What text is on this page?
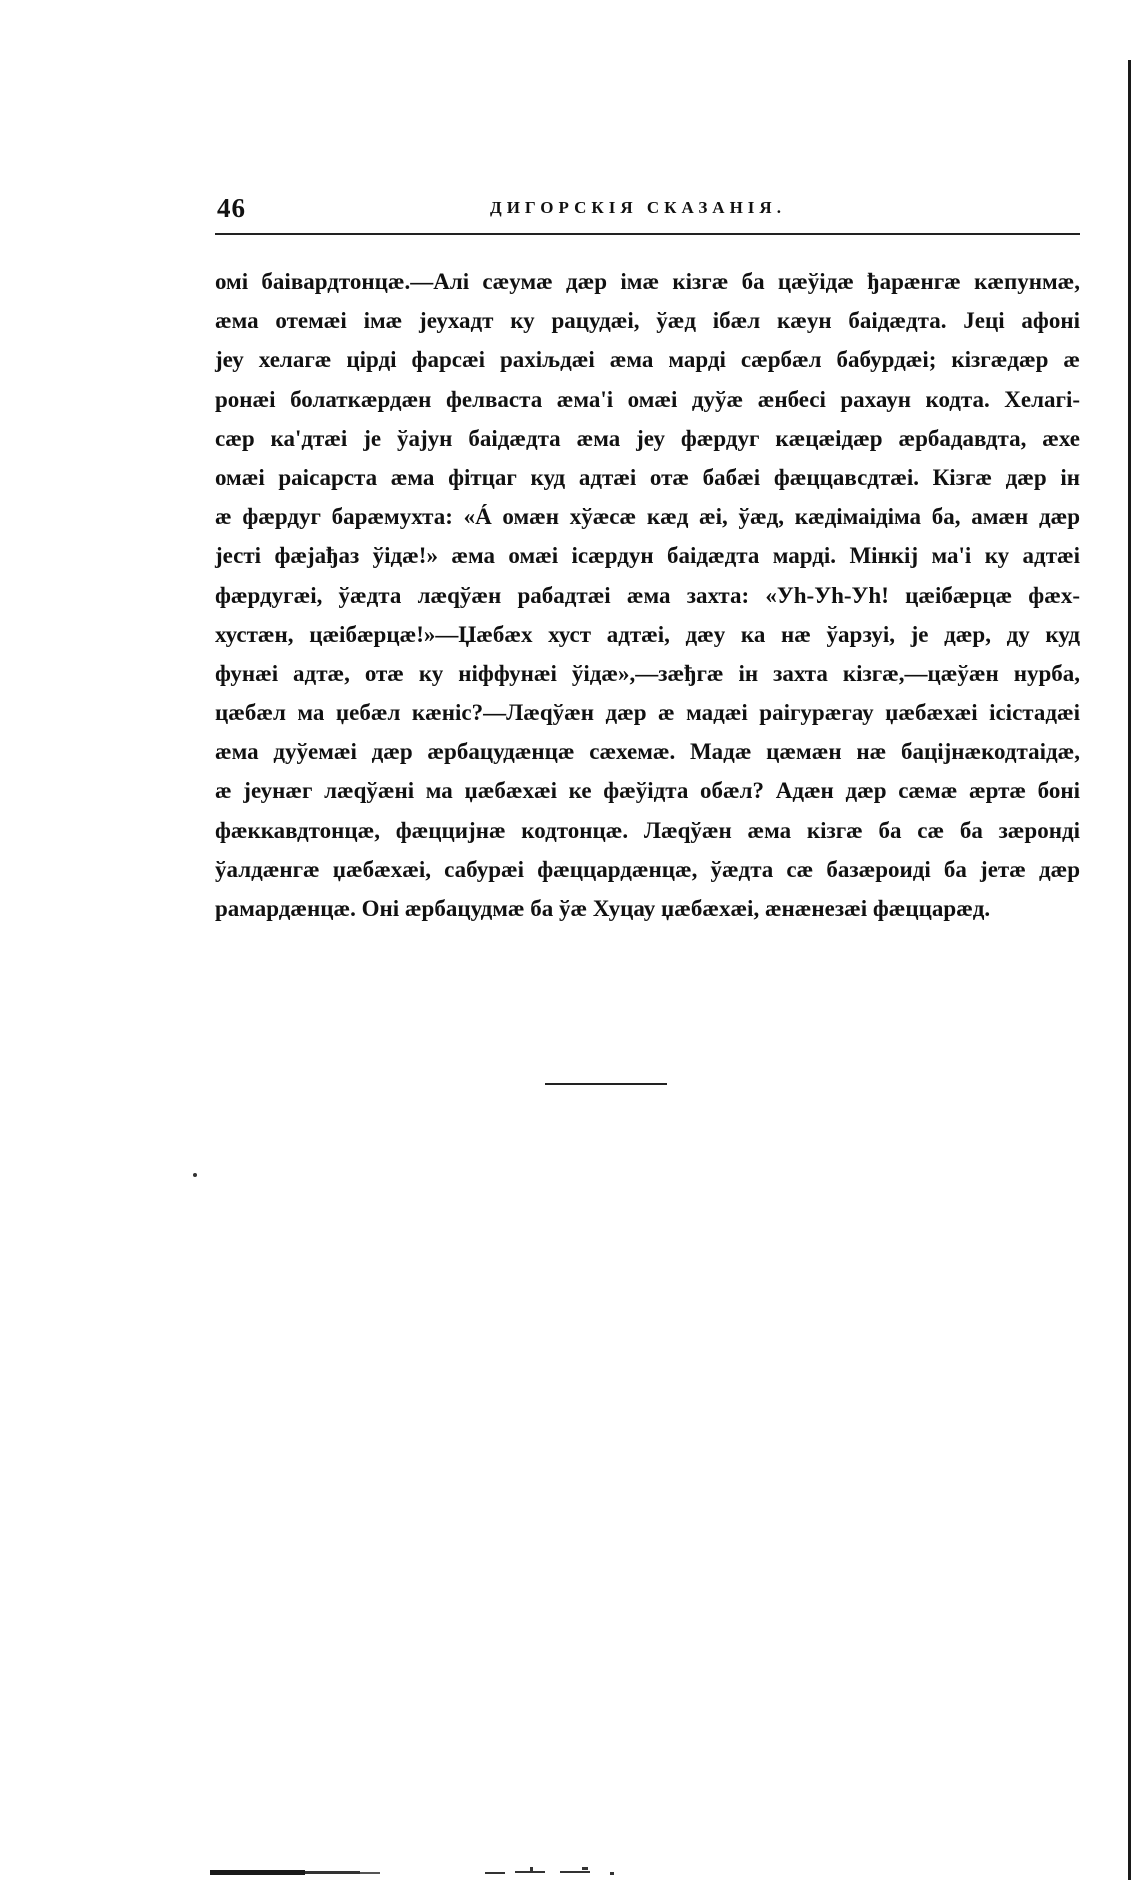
46	ДИГОРСКІЯ СКАЗАНІЯ.
омі баівардтонцæ.—Алі сæумæ дæр імæ кізгæ ба цæўідæ ђарæнгæ кæпунмæ,
æма отемæі імæ јеухадт ку рацудæі, ўæд ібæл кæун баідæдта. Јеці афоні
јеу хелагæ цірді фарсæі рахіљдæі æма марді сæрбæл бабурдæі; кізгæдæр æ
ронæі болаткæрдæн фелваста æма'і омæі дуўæ æнбесі рахаун кодта. Хелагі-
сæр ка'дтæі је ўајун баідæдта æма јеу фæрдуг кæцæідæр æрбадавдта, æхе
омæі раісарста æма фітцаг куд адтæі отæ бабæі фæццавсдтæі. Кізгæ дæр ін
æ фæрдуг барæмухта: «Á омæн хўæсæ кæд æі, ўæд, кæдімаідіма ба, амæн дæр
јесті фæјађаз ўідæ!» æма омæі ісæрдун баідæдта марді. Мінкіј ма'і ку адтæі
фæрдугæі, ўæдта лæqўæн рабадтæі æма захта: «Уh-Уh-Уh! цæібæрцæ фæх-
хустæн, цæібæрцæ!»—Џæбæх хуст адтæі, дæу ка нæ ўарзуі, је дæр, ду куд
фунæі адтæ, отæ ку ніффунæі ўідæ»,—зæђгæ ін захта кізгæ,—цæўæн нурба,
цæбæл ма џебæл кæніс?—Лæqўæн дæр æ мадæі раігурæгау џæбæхæі ісістадæі
æма дуўемæі дæр æрбацудæнцæ сæхемæ. Мадæ цæмæн нæ баціјнæкодтаідæ,
æ јеунæг лæqўæні ма џæбæхæі ке фæўідта обæл? Адæн дæр сæмæ æртæ боні
фæккавдтонцæ, фæццијнæ кодтонцæ. Лæqўæн æма кізгæ ба сæ ба зæронді
ўалдæнгæ џæбæхæі, сабурæі фæццардæнцæ, ўæдта сæ базæроиді ба јетæ дæр
рамардæнцæ. Оні æрбацудмæ ба ўæ Хуцау џæбæхæі, æнæнезæі фæццарæд.
